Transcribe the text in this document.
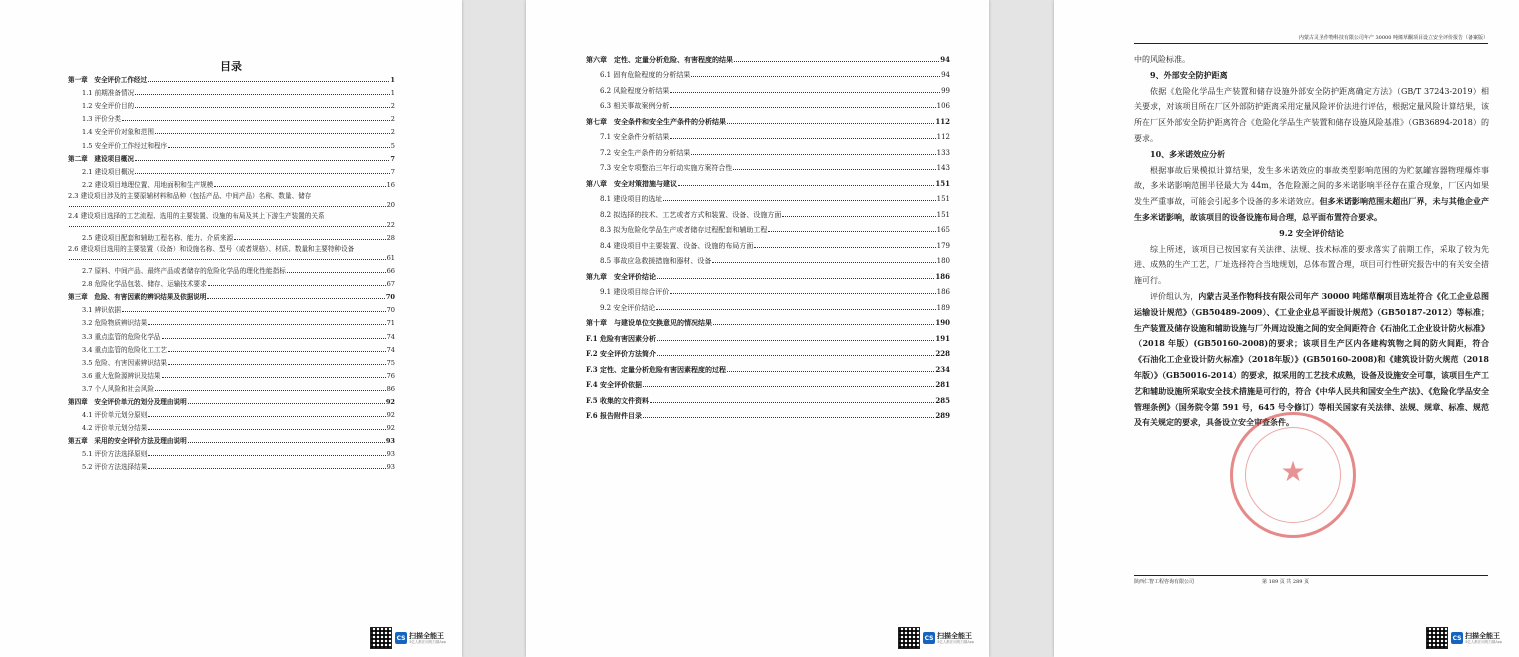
目录
第一章　安全评价工作经过	1
1.1 前期准备情况	1
1.2 安全评价目的	2
1.3 评价分类	2
1.4 安全评价对象和范围	2
1.5 安全评价工作经过和程序	5
第二章　建设项目概况	7
2.1 建设项目概况	7
2.2 建设项目地理位置、用地面积和生产规模	16
2.3 建设项目涉及的主要原辅材料和品种（包括产品、中间产品）名称、数量、储存
20
2.4 建设项目选择的工艺流程、选用的主要装置、设施的布局及其上下游生产装置的关系
22
2.5 建设项目配套和辅助工程名称、能力、介质来源	28
2.6 建设项目选用的主要装置（设备）和设施名称、型号（或者规格）、材质、数量和主要特种设备
61
2.7 原料、中间产品、最终产品或者储存的危险化学品的理化性能指标	66
2.8 危险化学品包装、储存、运输技术要求	67
第三章　危险、有害因素的辨识结果及依据说明	70
3.1 辨识依据	70
3.2 危险物质辨识结果	71
3.3 重点监管的危险化学品	74
3.4 重点监管的危险化工工艺	74
3.5 危险、有害因素辨识结果	75
3.6 重大危险源辨识及结果	76
3.7 个人风险和社会风险	86
第四章　安全评价单元的划分及理由说明	92
4.1 评价单元划分原则	92
4.2 评价单元划分结果	92
第五章　采用的安全评价方法及理由说明	93
5.1 评价方法选择原则	93
5.2 评价方法选择结果	93
CS 扫描全能王
3亿人都在用的扫描App
第六章　定性、定量分析危险、有害程度的结果	94
6.1 固有危险程度的分析结果	94
6.2 风险程度分析结果	99
6.3 相关事故案例分析	106
第七章　安全条件和安全生产条件的分析结果	112
7.1 安全条件分析结果	112
7.2 安全生产条件的分析结果	133
7.3 安全专项整治三年行动实施方案符合性	143
第八章　安全对策措施与建议	151
8.1 建设项目的选址	151
8.2 拟选择的技术、工艺或者方式和装置、设备、设施方面	151
8.3 拟为危险化学品生产或者储存过程配套和辅助工程	165
8.4 建设项目中主要装置、设备、设施的布局方面	179
8.5 事故应急救援措施和器材、设备	180
第九章　安全评价结论	186
9.1 建设项目综合评价	186
9.2 安全评价结论	189
第十章　与建设单位交换意见的情况结果	190
F.1 危险有害因素分析	191
F.2 安全评价方法简介	228
F.3 定性、定量分析危险有害因素程度的过程	234
F.4 安全评价依据	281
F.5 收集的文件资料	285
F.6 报告附件目录	289
CS 扫描全能王
3亿人都在用的扫描App
内蒙古灵圣作物科技有限公司年产 30000 吨烯草酮项目设立安全评价报告（备案版）

中的风险标准。

9、外部安全防护距离

依据《危险化学品生产装置和储存设施外部安全防护距离确定方法》（GB/T 37243-2019）相关要求，对该项目所在厂区外部防护距离采用定量风险评价法进行评估，根据定量风险计算结果，该所在厂区外部安全防护距离符合《危险化学品生产装置和储存设施风险基准》（GB36894-2018）的要求。

10、多米诺效应分析

根据事故后果模拟计算结果，发生多米诺效应的事故类型影响范围的为贮氨罐容器物理爆炸事故，多米诺影响范围半径最大为 44m，各危险源之间的多米诺影响半径存在重合现象，厂区内如果发生严重事故，可能会引起多个设备的多米诺效应。但多米诺影响范围未超出厂界，未与其他企业产生多米诺影响，故该项目的设备设施布局合理，总平面布置符合要求。

9.2 安全评价结论

综上所述，该项目已按国家有关法律、法规、技术标准的要求落实了前期工作，采取了较为先进、成熟的生产工艺，厂址选择符合当地规划，总体布置合理，项目可行性研究报告中的有关安全措施可行。

评价组认为，内蒙古灵圣作物科技有限公司年产 30000 吨烯草酮项目选址符合《化工企业总图运输设计规范》（GB50489-2009）、《工业企业总平面设计规范》（GB50187-2012）等标准；生产装置及储存设施和辅助设施与厂外周边设施之间的安全间距符合《石油化工企业设计防火标准》（2018 年版）(GB50160-2008)的要求；该项目生产区内各建构筑物之间的防火间距，符合《石油化工企业设计防火标准》（2018年版）》(GB50160-2008)和《建筑设计防火规范（2018 年版）》（GB50016-2014）的要求，拟采用的工艺技术成熟，设备及设施安全可靠，该项目生产工艺和辅助设施所采取安全技术措施是可行的，符合《中华人民共和国安全生产法》、《危险化学品安全管理条例》（国务院令第 591 号，645 号令修订）等相关国家有关法律、法规、规章、标准、规范及有关规定的要求，具备设立安全审查条件。

陕西仁智工程咨询有限公司	第 189 页 共 289 页
CS 扫描全能王
3亿人都在用的扫描App
★
